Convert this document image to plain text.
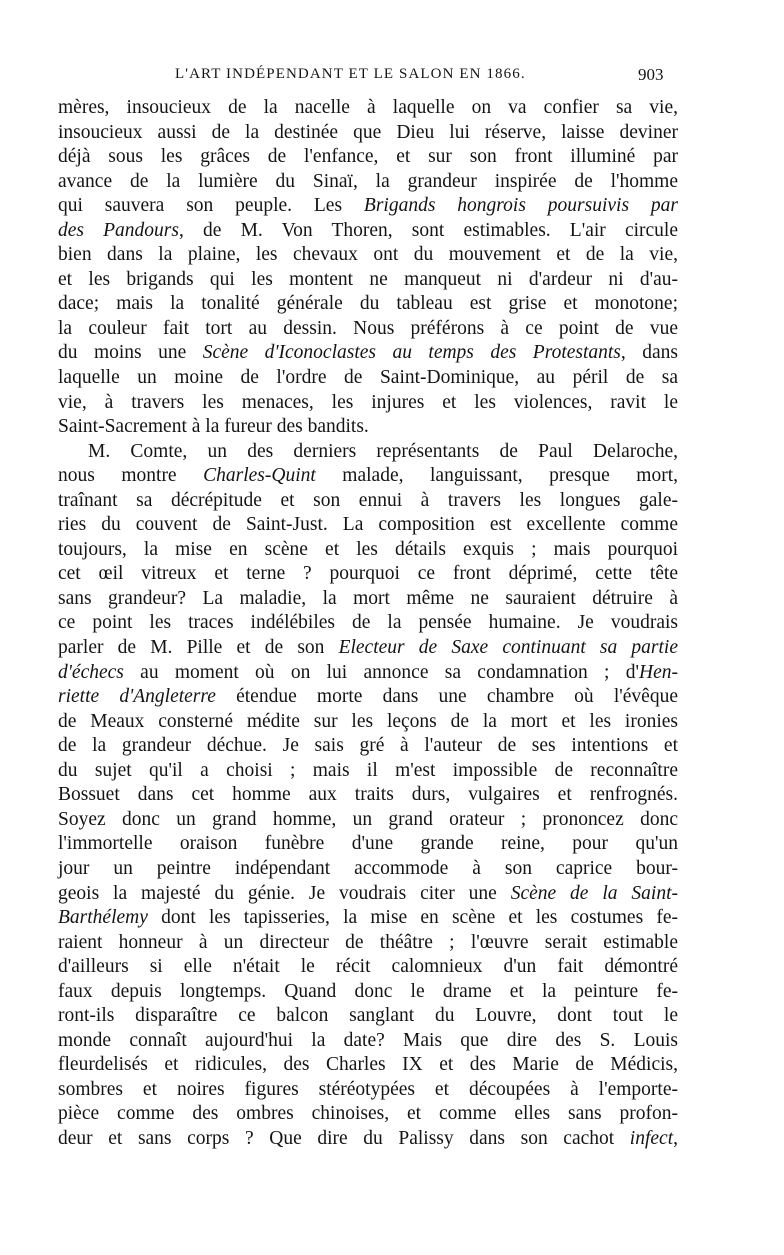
L'ART INDÉPENDANT ET LE SALON EN 1866.	903
mères, insoucieux de la nacelle à laquelle on va confier sa vie,
insoucieux aussi de la destinée que Dieu lui réserve, laisse deviner
déjà sous les grâces de l'enfance, et sur son front illuminé par
avance de la lumière du Sinaï, la grandeur inspirée de l'homme
qui sauvera son peuple. Les Brigands hongrois poursuivis par
des Pandours, de M. Von Thoren, sont estimables. L'air circule
bien dans la plaine, les chevaux ont du mouvement et de la vie,
et les brigands qui les montent ne manqueut ni d'ardeur ni d'au-
dace; mais la tonalité générale du tableau est grise et monotone;
la couleur fait tort au dessin. Nous préférons à ce point de vue
du moins une Scène d'Iconoclastes au temps des Protestants, dans
laquelle un moine de l'ordre de Saint-Dominique, au péril de sa
vie, à travers les menaces, les injures et les violences, ravit le
Saint-Sacrement à la fureur des bandits.
M. Comte, un des derniers représentants de Paul Delaroche,
nous montre Charles-Quint malade, languissant, presque mort,
traînant sa décrépitude et son ennui à travers les longues gale-
ries du couvent de Saint-Just. La composition est excellente comme
toujours, la mise en scène et les détails exquis ; mais pourquoi
cet œil vitreux et terne ? pourquoi ce front déprimé, cette tête
sans grandeur? La maladie, la mort même ne sauraient détruire à
ce point les traces indélébiles de la pensée humaine. Je voudrais
parler de M. Pille et de son Electeur de Saxe continuant sa partie
d'échecs au moment où on lui annonce sa condamnation ; d'Hen-
riette d'Angleterre étendue morte dans une chambre où l'évêque
de Meaux consterné médite sur les leçons de la mort et les ironies
de la grandeur déchue. Je sais gré à l'auteur de ses intentions et
du sujet qu'il a choisi ; mais il m'est impossible de reconnaître
Bossuet dans cet homme aux traits durs, vulgaires et renfrognés.
Soyez donc un grand homme, un grand orateur ; prononcez donc
l'immortelle oraison funèbre d'une grande reine, pour qu'un
jour un peintre indépendant accommode à son caprice bour-
geois la majesté du génie. Je voudrais citer une Scène de la Saint-
Barthélemy dont les tapisseries, la mise en scène et les costumes fe-
raient honneur à un directeur de théâtre ; l'œuvre serait estimable
d'ailleurs si elle n'était le récit calomnieux d'un fait démontré
faux depuis longtemps. Quand donc le drame et la peinture fe-
ront-ils disparaître ce balcon sanglant du Louvre, dont tout le
monde connaît aujourd'hui la date? Mais que dire des S. Louis
fleurdelisés et ridicules, des Charles IX et des Marie de Médicis,
sombres et noires figures stéréotypées et découpées à l'emporte-
pièce comme des ombres chinoises, et comme elles sans profon-
deur et sans corps ? Que dire du Palissy dans son cachot infect,
